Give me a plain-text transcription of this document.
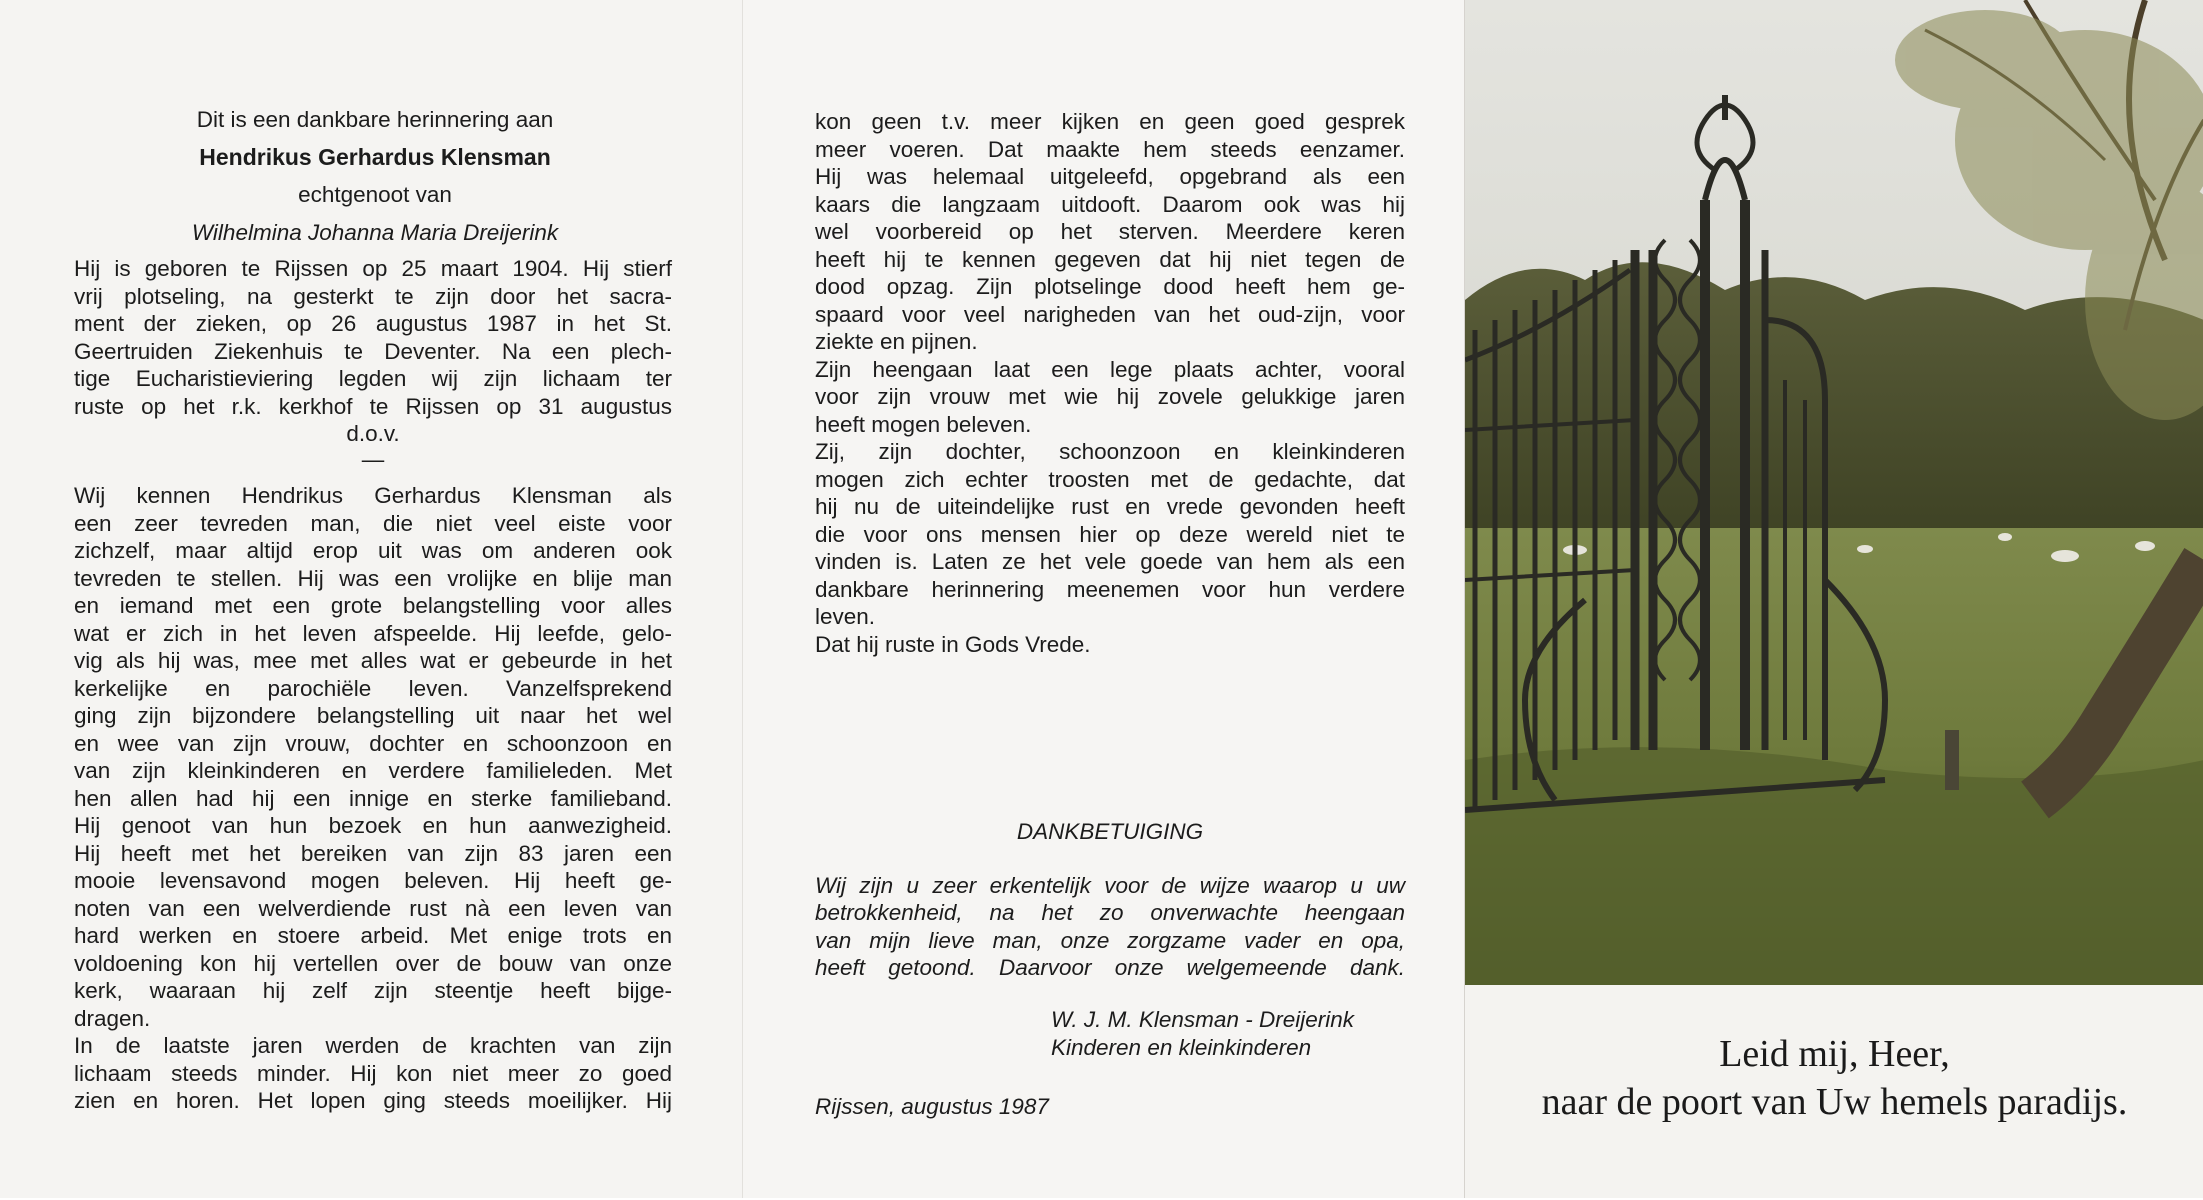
Dit is een dankbare herinnering aan
Hendrikus Gerhardus Klensman
echtgenoot van
Wilhelmina Johanna Maria Dreijerink
Hij is geboren te Rijssen op 25 maart 1904. Hij stierf
vrij plotseling, na gesterkt te zijn door het sacra-
ment der zieken, op 26 augustus 1987 in het St.
Geertruiden Ziekenhuis te Deventer. Na een plech-
tige Eucharistieviering legden wij zijn lichaam ter
ruste op het r.k. kerkhof te Rijssen op 31 augustus
d.o.v.
—
Wij kennen Hendrikus Gerhardus Klensman als
een zeer tevreden man, die niet veel eiste voor
zichzelf, maar altijd erop uit was om anderen ook
tevreden te stellen. Hij was een vrolijke en blije man
en iemand met een grote belangstelling voor alles
wat er zich in het leven afspeelde. Hij leefde, gelo-
vig als hij was, mee met alles wat er gebeurde in het
kerkelijke en parochiële leven. Vanzelfsprekend
ging zijn bijzondere belangstelling uit naar het wel
en wee van zijn vrouw, dochter en schoonzoon en
van zijn kleinkinderen en verdere familieleden. Met
hen allen had hij een innige en sterke familieband.
Hij genoot van hun bezoek en hun aanwezigheid.
Hij heeft met het bereiken van zijn 83 jaren een
mooie levensavond mogen beleven. Hij heeft ge-
noten van een welverdiende rust nà een leven van
hard werken en stoere arbeid. Met enige trots en
voldoening kon hij vertellen over de bouw van onze
kerk, waaraan hij zelf zijn steentje heeft bijge-
dragen.
In de laatste jaren werden de krachten van zijn
lichaam steeds minder. Hij kon niet meer zo goed
zien en horen. Het lopen ging steeds moeilijker. Hij
kon geen t.v. meer kijken en geen goed gesprek
meer voeren. Dat maakte hem steeds eenzamer.
Hij was helemaal uitgeleefd, opgebrand als een
kaars die langzaam uitdooft. Daarom ook was hij
wel voorbereid op het sterven. Meerdere keren
heeft hij te kennen gegeven dat hij niet tegen de
dood opzag. Zijn plotselinge dood heeft hem ge-
spaard voor veel narigheden van het oud-zijn, voor
ziekte en pijnen.
Zijn heengaan laat een lege plaats achter, vooral
voor zijn vrouw met wie hij zovele gelukkige jaren
heeft mogen beleven.
Zij, zijn dochter, schoonzoon en kleinkinderen
mogen zich echter troosten met de gedachte, dat
hij nu de uiteindelijke rust en vrede gevonden heeft
die voor ons mensen hier op deze wereld niet te
vinden is. Laten ze het vele goede van hem als een
dankbare herinnering meenemen voor hun verdere
leven.
Dat hij ruste in Gods Vrede.
DANKBETUIGING
Wij zijn u zeer erkentelijk voor de wijze waarop u uw
betrokkenheid, na het zo onverwachte heengaan
van mijn lieve man, onze zorgzame vader en opa,
heeft getoond. Daarvoor onze welgemeende dank.
W. J. M. Klensman - Dreijerink
Kinderen en kleinkinderen
Rijssen, augustus 1987
Leid mij, Heer,
naar de poort van Uw hemels paradijs.
